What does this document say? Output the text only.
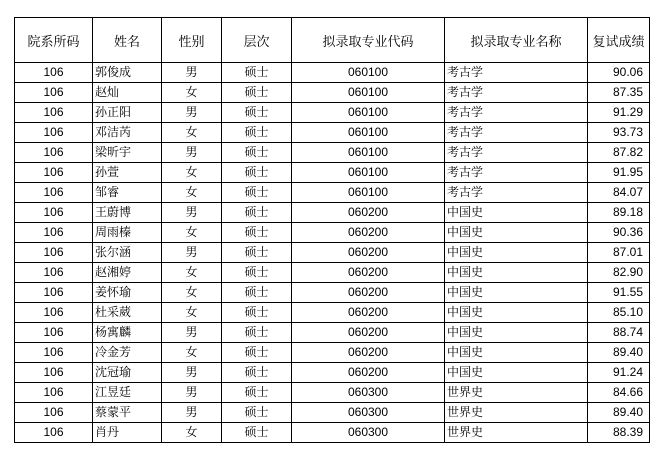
院系所码	姓名	性别	层次	拟录取专业代码	拟录取专业名称	复试成绩
106	郭俊成	男	硕士	060100	考古学	90.06
106	赵灿	女	硕士	060100	考古学	87.35
106	孙正阳	男	硕士	060100	考古学	91.29
106	邓洁芮	女	硕士	060100	考古学	93.73
106	梁昕宇	男	硕士	060100	考古学	87.82
106	孙萱	女	硕士	060100	考古学	91.95
106	邹睿	女	硕士	060100	考古学	84.07
106	王蔚博	男	硕士	060200	中国史	89.18
106	周雨榛	女	硕士	060200	中国史	90.36
106	张尔涵	男	硕士	060200	中国史	87.01
106	赵湘婷	女	硕士	060200	中国史	82.90
106	姜怀瑜	女	硕士	060200	中国史	91.55
106	杜采葳	女	硕士	060200	中国史	85.10
106	杨寓麟	男	硕士	060200	中国史	88.74
106	冷金芳	女	硕士	060200	中国史	89.40
106	沈冠瑜	男	硕士	060200	中国史	91.24
106	江昱廷	男	硕士	060300	世界史	84.66
106	蔡蒙平	男	硕士	060300	世界史	89.40
106	肖丹	女	硕士	060300	世界史	88.39
